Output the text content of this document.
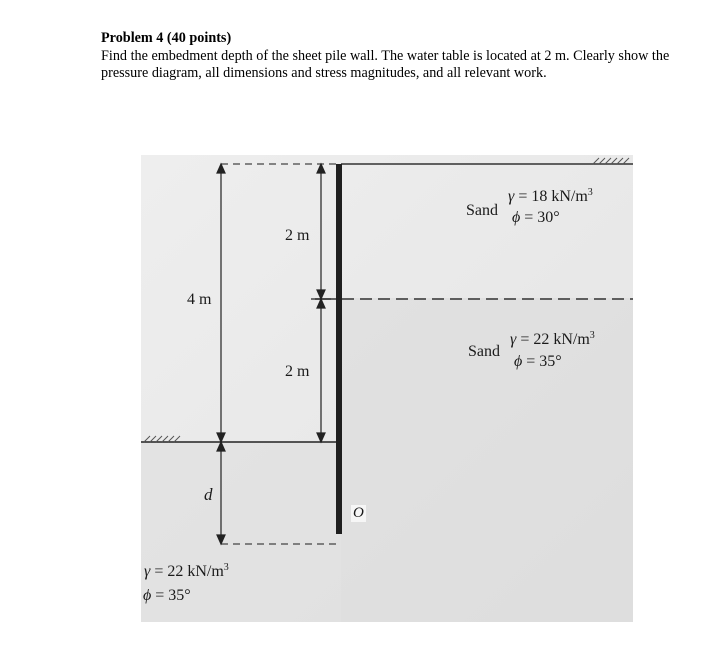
Problem 4 (40 points)
Find the embedment depth of the sheet pile wall. The water table is located at 2 m. Clearly show the pressure diagram, all dimensions and stress magnitudes, and all relevant work.
4 m
2 m
2 m
d
O
Sand
γ = 18 $kN/m^3$
ϕ = 30°
Sand
γ = 22 $kN/m^3$
ϕ = 35°
γ = 22 $kN/m^3$
ϕ = 35°
